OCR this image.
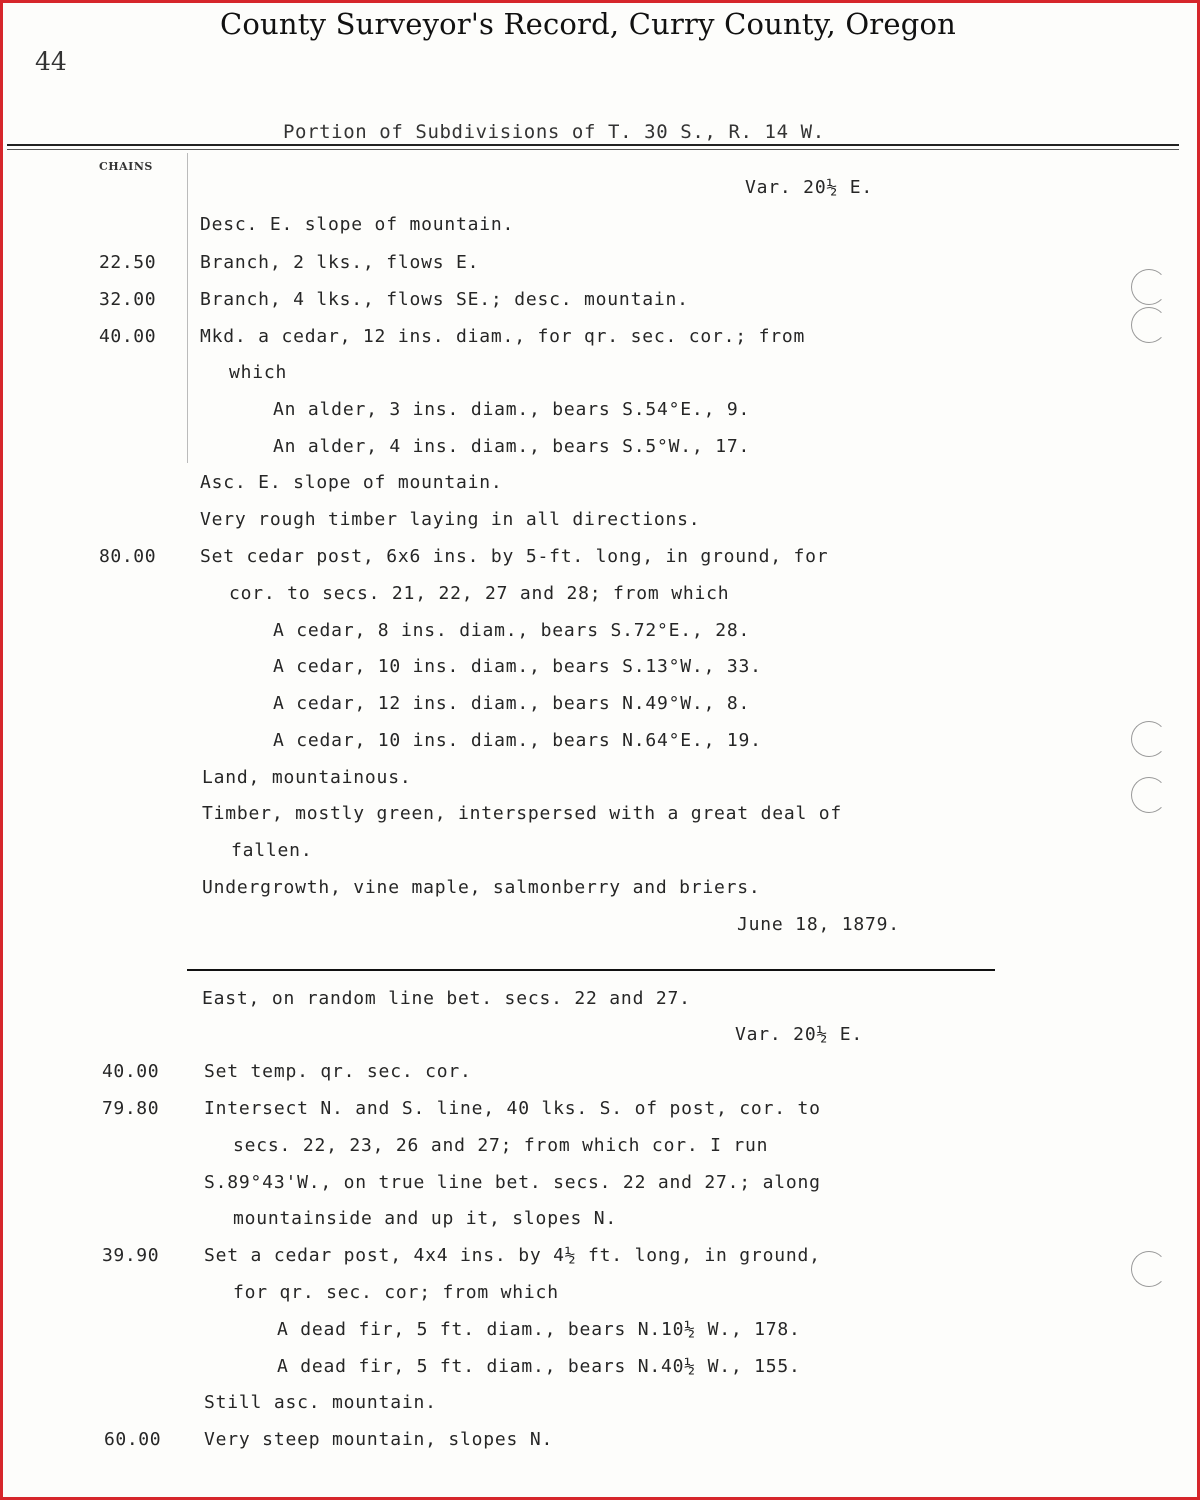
County Surveyor's Record, Curry County, Oregon
44
Portion of Subdivisions of T. 30 S., R. 14 W.
CHAINS
Var. 20½ E.
Desc. E. slope of mountain.
22.50 Branch, 2 lks., flows E.
32.00 Branch, 4 lks., flows SE.; desc. mountain.
40.00 Mkd. a cedar, 12 ins. diam., for qr. sec. cor.; from
which
An alder, 3 ins. diam., bears S.54°E., 9.
An alder, 4 ins. diam., bears S.5°W., 17.
Asc. E. slope of mountain.
Very rough timber laying in all directions.
80.00 Set cedar post, 6x6 ins. by 5-ft. long, in ground, for
cor. to secs. 21, 22, 27 and 28; from which
A cedar, 8 ins. diam., bears S.72°E., 28.
A cedar, 10 ins. diam., bears S.13°W., 33.
A cedar, 12 ins. diam., bears N.49°W., 8.
A cedar, 10 ins. diam., bears N.64°E., 19.
Land, mountainous.
Timber, mostly green, interspersed with a great deal of
fallen.
Undergrowth, vine maple, salmonberry and briers.
June 18, 1879.
East, on random line bet. secs. 22 and 27.
Var. 20½ E.
40.00 Set temp. qr. sec. cor.
79.80 Intersect N. and S. line, 40 lks. S. of post, cor. to
secs. 22, 23, 26 and 27; from which cor. I run
S.89°43'W., on true line bet. secs. 22 and 27.; along
mountainside and up it, slopes N.
39.90 Set a cedar post, 4x4 ins. by 4½ ft. long, in ground,
for qr. sec. cor; from which
A dead fir, 5 ft. diam., bears N.10½ W., 178.
A dead fir, 5 ft. diam., bears N.40½ W., 155.
Still asc. mountain.
60.00 Very steep mountain, slopes N.
